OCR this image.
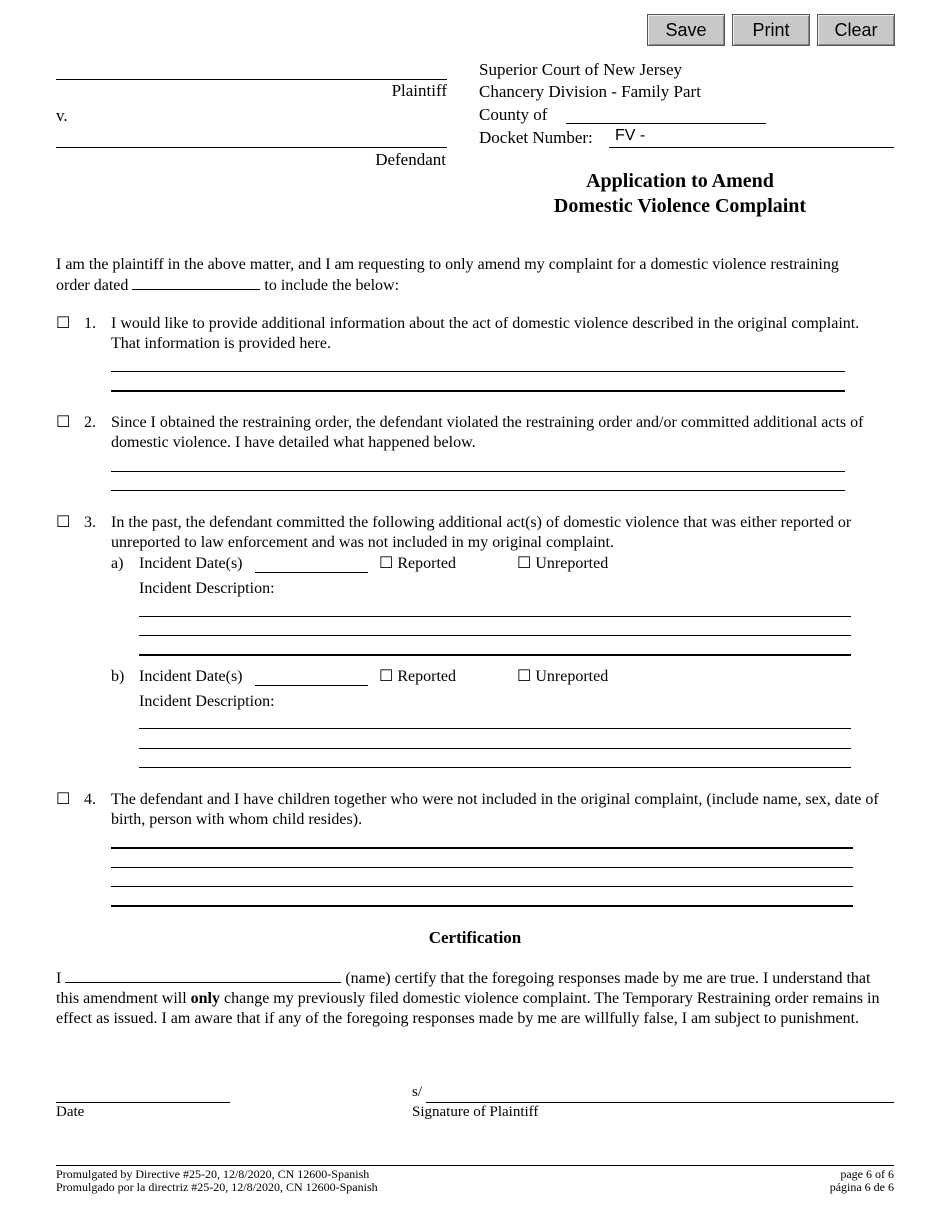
Save	Print	Clear
Plaintiff
v.
Defendant
Superior Court of New Jersey
Chancery Division - Family Part
County of
Docket Number: FV -
Application to Amend
Domestic Violence Complaint
I am the plaintiff in the above matter, and I am requesting to only amend my complaint for a domestic violence restraining
order dated	to include the below:
☐ 1. I would like to provide additional information about the act of domestic violence described in the original complaint. That information is provided here.
☐ 2. Since I obtained the restraining order, the defendant violated the restraining order and/or committed additional acts of domestic violence. I have detailed what happened below.
☐ 3. In the past, the defendant committed the following additional act(s) of domestic violence that was either reported or unreported to law enforcement and was not included in my original complaint.
a) Incident Date(s)	☐ Reported	☐ Unreported
Incident Description:
b) Incident Date(s)	☐ Reported	☐ Unreported
Incident Description:
☐ 4. The defendant and I have children together who were not included in the original complaint, (include name, sex, date of birth, person with whom child resides).
Certification
I	(name) certify that the foregoing responses made by me are true. I understand that this amendment will only change my previously filed domestic violence complaint. The Temporary Restraining order remains in effect as issued. I am aware that if any of the foregoing responses made by me are willfully false, I am subject to punishment.
Date
s/
Signature of Plaintiff
Promulgated by Directive #25-20, 12/8/2020, CN 12600-Spanish
Promulgado por la directriz #25-20, 12/8/2020, CN 12600-Spanish
page 6 of 6
página 6 de 6
